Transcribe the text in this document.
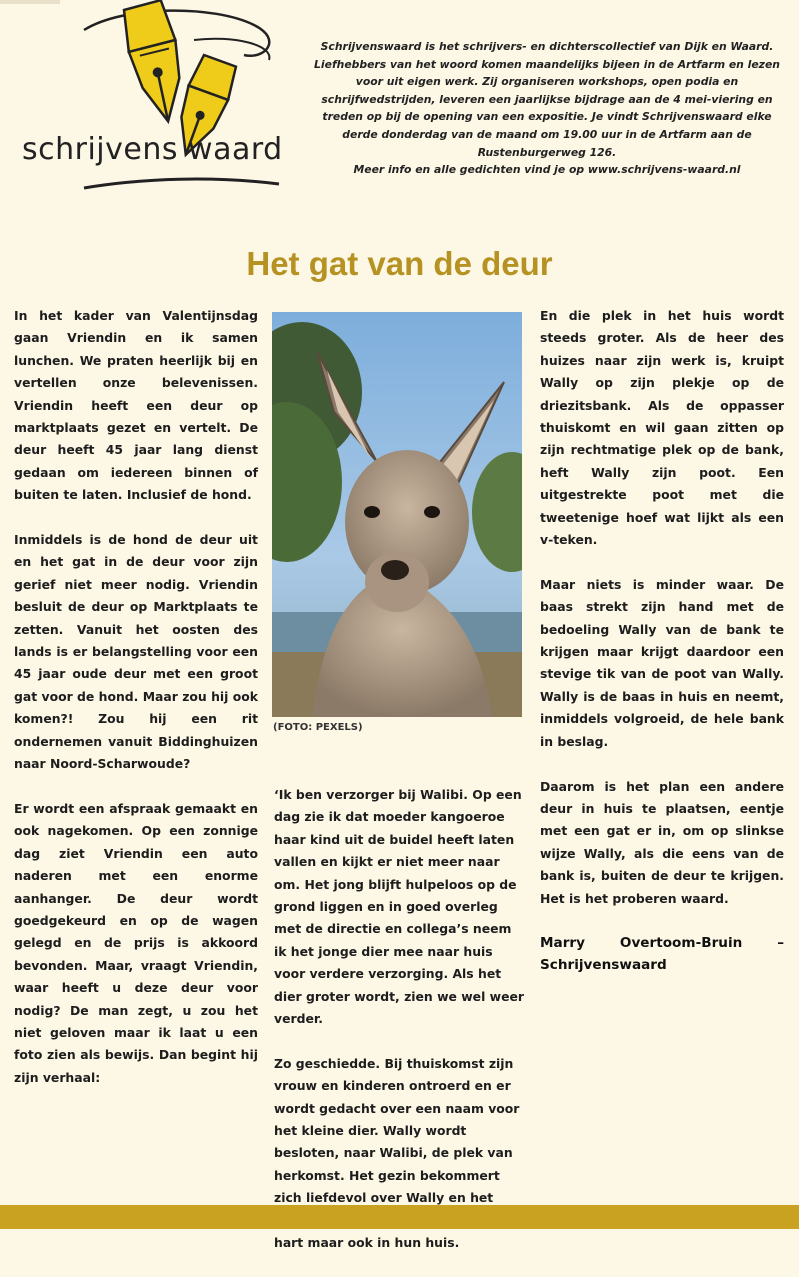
schrijvens waard

Schrijvenswaard is het schrijvers- en dichterscollectief van Dijk en Waard. Liefhebbers van het woord komen maandelijks bijeen in de Artfarm en lezen voor uit eigen werk. Zij organiseren workshops, open podia en schrijfwedstrijden, leveren een jaarlijkse bijdrage aan de 4 mei-viering en treden op bij de opening van een expositie. Je vindt Schrijvenswaard elke derde donderdag van de maand om 19.00 uur in de Artfarm aan de Rustenburgerweg 126.

Meer info en alle gedichten vind je op www.schrijvens-waard.nl

Het gat van de deur

In het kader van Valentijnsdag gaan Vriendin en ik samen lunchen. We praten heerlijk bij en vertellen onze belevenissen. Vriendin heeft een deur op marktplaats gezet en vertelt. De deur heeft 45 jaar lang dienst gedaan om iedereen binnen of buiten te laten. Inclusief de hond.

Inmiddels is de hond de deur uit en het gat in de deur voor zijn gerief niet meer nodig. Vriendin besluit de deur op Marktplaats te zetten. Vanuit het oosten des lands is er belangstelling voor een 45 jaar oude deur met een groot gat voor de hond. Maar zou hij ook komen?! Zou hij een rit ondernemen vanuit Biddinghuizen naar Noord-Scharwoude?

Er wordt een afspraak gemaakt en ook nagekomen. Op een zonnige dag ziet Vriendin een auto naderen met een enorme aanhanger. De deur wordt goedgekeurd en op de wagen gelegd en de prijs is akkoord bevonden. Maar, vraagt Vriendin, waar heeft u deze deur voor nodig? De man zegt, u zou het niet geloven maar ik laat u een foto zien als bewijs. Dan begint hij zijn verhaal:

(FOTO: PEXELS)

‘Ik ben verzorger bij Walibi. Op een dag zie ik dat moeder kangoeroe haar kind uit de buidel heeft laten vallen en kijkt er niet meer naar om. Het jong blijft hulpeloos op de grond liggen en in goed overleg met de directie en collega’s neem ik het jonge dier mee naar huis voor verdere verzorging. Als het dier groter wordt, zien we wel weer verder.

Zo geschiedde. Bij thuiskomst zijn vrouw en kinderen ontroerd en er wordt gedacht over een naam voor het kleine dier. Wally wordt besloten, naar Walibi, de plek van herkomst. Het gezin bekommert zich liefdevol over Wally en het hart maar ook in hun huis.

En die plek in het huis wordt steeds groter. Als de heer des huizes naar zijn werk is, kruipt Wally op zijn plekje op de driezitsbank. Als de oppasser thuiskomt en wil gaan zitten op zijn rechtmatige plek op de bank, heft Wally zijn poot. Een uitgestrekte poot met die tweetenige hoef wat lijkt als een v-teken.

Maar niets is minder waar. De baas strekt zijn hand met de bedoeling Wally van de bank te krijgen maar krijgt daardoor een stevige tik van de poot van Wally. Wally is de baas in huis en neemt, inmiddels volgroeid, de hele bank in beslag.

Daarom is het plan een andere deur in huis te plaatsen, eentje met een gat er in, om op slinkse wijze Wally, als die eens van de bank is, buiten de deur te krijgen. Het is het proberen waard.

Marry Overtoom-Bruin – Schrijvenswaard
